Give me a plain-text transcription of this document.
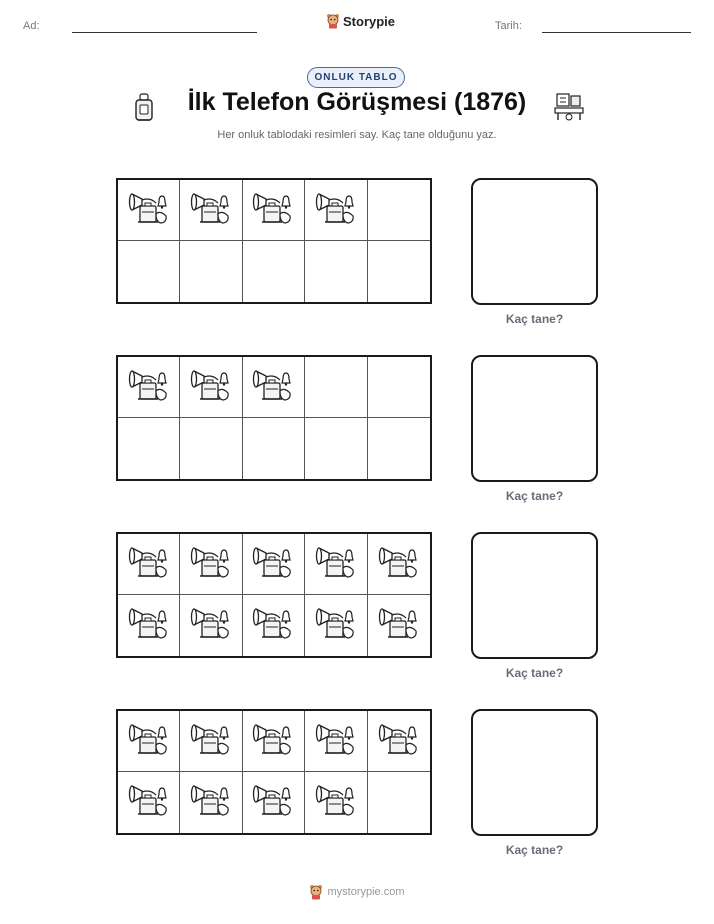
Ad:	Storypie	Tarih:
ONLUK TABLO
İlk Telefon Görüşmesi (1876)
Her onluk tablodaki resimleri say. Kaç tane olduğunu yaz.
Kaç tane?
Kaç tane?
Kaç tane?
Kaç tane?
mystorypie.com
